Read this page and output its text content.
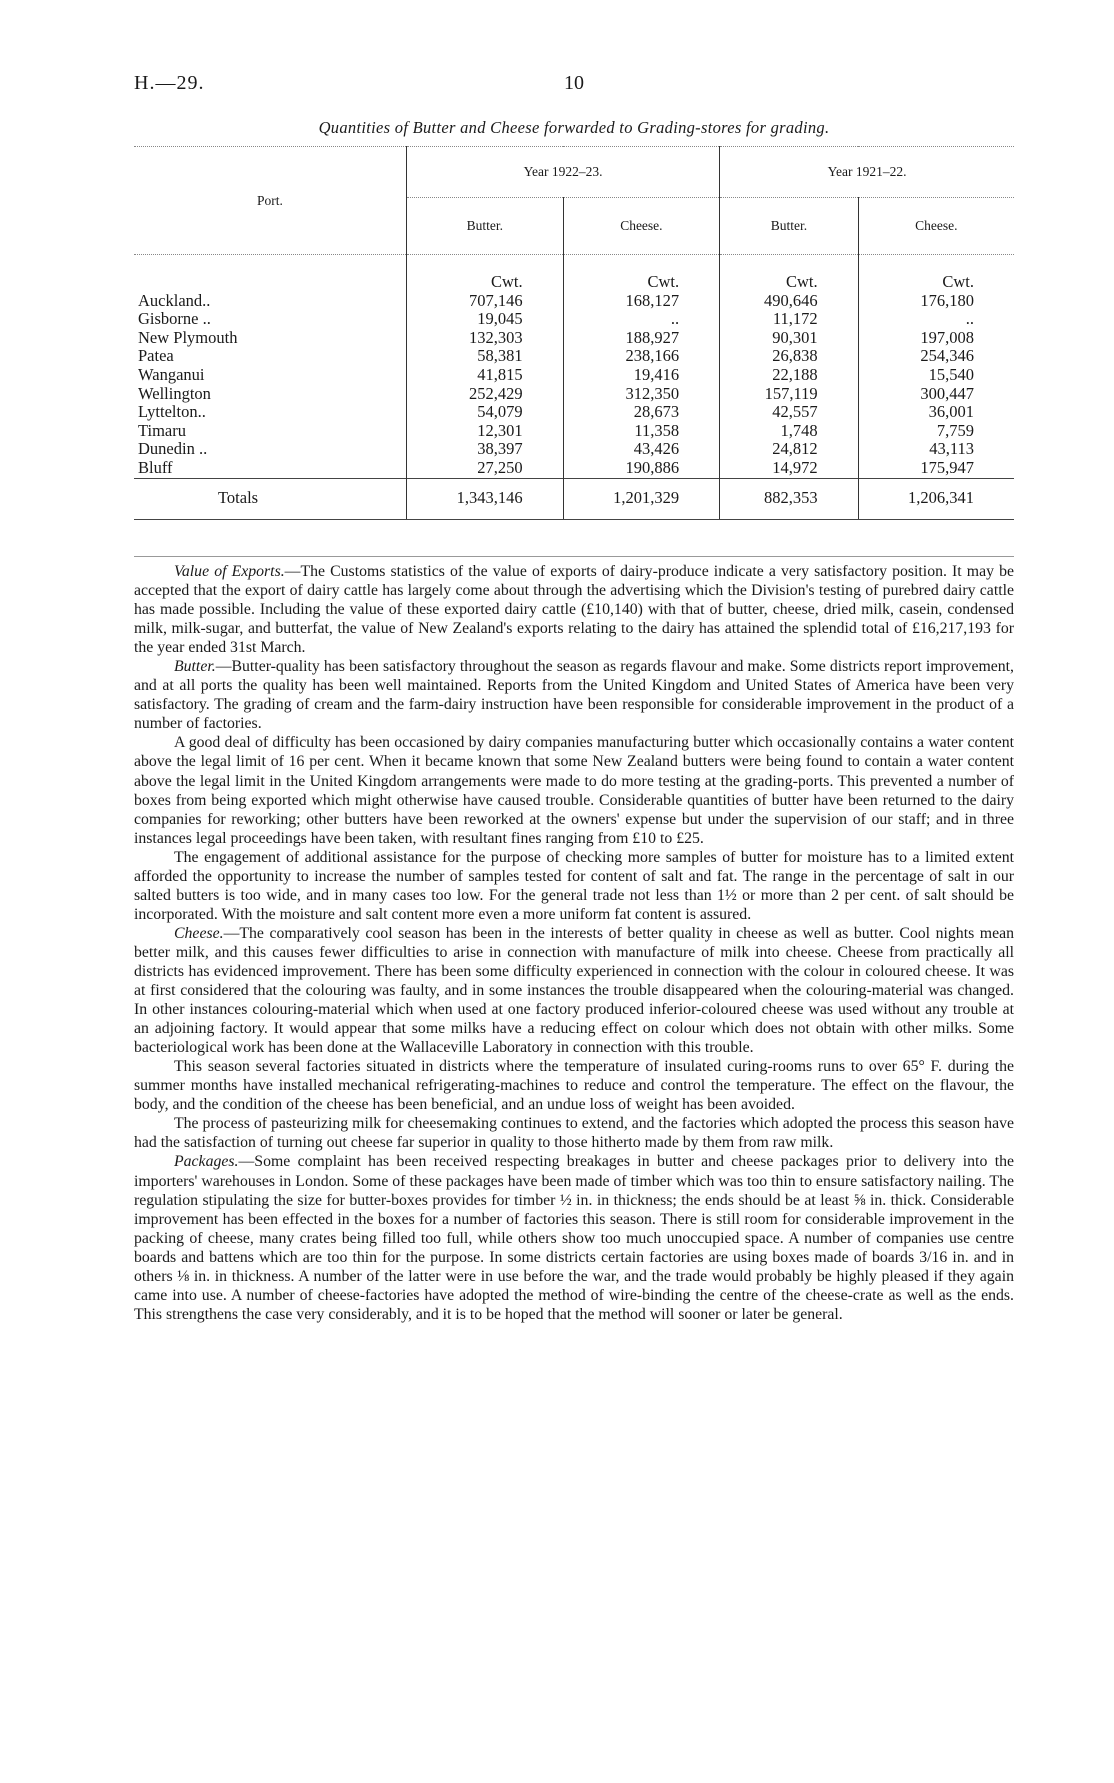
H.—29.	10
Quantities of Butter and Cheese forwarded to Grading-stores for grading.
Port.	Year 1922–23.		Year 1921–22.	
	Butter.	Cheese.	Butter.	Cheese.
	Cwt.	Cwt.	Cwt.	Cwt.
Auckland..	707,146	168,127	490,646	176,180
Gisborne ..	19,045	..	11,172	..
New Plymouth	132,303	188,927	90,301	197,008
Patea	58,381	238,166	26,838	254,346
Wanganui	41,815	19,416	22,188	15,540
Wellington	252,429	312,350	157,119	300,447
Lyttelton..	54,079	28,673	42,557	36,001
Timaru	12,301	11,358	1,748	7,759
Dunedin ..	38,397	43,426	24,812	43,113
Bluff	27,250	190,886	14,972	175,947
Totals	1,343,146	1,201,329	882,353	1,206,341

Value of Exports.—The Customs statistics of the value of exports of dairy-produce indicate a very satisfactory position. It may be accepted that the export of dairy cattle has largely come about through the advertising which the Division's testing of purebred dairy cattle has made possible. Including the value of these exported dairy cattle (£10,140) with that of butter, cheese, dried milk, casein, condensed milk, milk-sugar, and butterfat, the value of New Zealand's exports relating to the dairy has attained the splendid total of £16,217,193 for the year ended 31st March.

Butter.—Butter-quality has been satisfactory throughout the season as regards flavour and make. Some districts report improvement, and at all ports the quality has been well maintained. Reports from the United Kingdom and United States of America have been very satisfactory. The grading of cream and the farm-dairy instruction have been responsible for considerable improvement in the product of a number of factories.

A good deal of difficulty has been occasioned by dairy companies manufacturing butter which occasionally contains a water content above the legal limit of 16 per cent. When it became known that some New Zealand butters were being found to contain a water content above the legal limit in the United Kingdom arrangements were made to do more testing at the grading-ports. This prevented a number of boxes from being exported which might otherwise have caused trouble. Considerable quantities of butter have been returned to the dairy companies for reworking; other butters have been reworked at the owners' expense but under the supervision of our staff; and in three instances legal proceedings have been taken, with resultant fines ranging from £10 to £25.

The engagement of additional assistance for the purpose of checking more samples of butter for moisture has to a limited extent afforded the opportunity to increase the number of samples tested for content of salt and fat. The range in the percentage of salt in our salted butters is too wide, and in many cases too low. For the general trade not less than 1½ or more than 2 per cent. of salt should be incorporated. With the moisture and salt content more even a more uniform fat content is assured.

Cheese.—The comparatively cool season has been in the interests of better quality in cheese as well as butter. Cool nights mean better milk, and this causes fewer difficulties to arise in connection with manufacture of milk into cheese. Cheese from practically all districts has evidenced improvement. There has been some difficulty experienced in connection with the colour in coloured cheese. It was at first considered that the colouring was faulty, and in some instances the trouble disappeared when the colouring-material was changed. In other instances colouring-material which when used at one factory produced inferior-coloured cheese was used without any trouble at an adjoining factory. It would appear that some milks have a reducing effect on colour which does not obtain with other milks. Some bacteriological work has been done at the Wallaceville Laboratory in connection with this trouble.

This season several factories situated in districts where the temperature of insulated curing-rooms runs to over 65° F. during the summer months have installed mechanical refrigerating-machines to reduce and control the temperature. The effect on the flavour, the body, and the condition of the cheese has been beneficial, and an undue loss of weight has been avoided.

The process of pasteurizing milk for cheesemaking continues to extend, and the factories which adopted the process this season have had the satisfaction of turning out cheese far superior in quality to those hitherto made by them from raw milk.

Packages.—Some complaint has been received respecting breakages in butter and cheese packages prior to delivery into the importers' warehouses in London. Some of these packages have been made of timber which was too thin to ensure satisfactory nailing. The regulation stipulating the size for butter-boxes provides for timber ½ in. in thickness; the ends should be at least ⅝ in. thick. Considerable improvement has been effected in the boxes for a number of factories this season. There is still room for considerable improvement in the packing of cheese, many crates being filled too full, while others show too much unoccupied space. A number of companies use centre boards and battens which are too thin for the purpose. In some districts certain factories are using boxes made of boards 3/16 in. and in others ⅛ in. in thickness. A number of the latter were in use before the war, and the trade would probably be highly pleased if they again came into use. A number of cheese-factories have adopted the method of wire-binding the centre of the cheese-crate as well as the ends. This strengthens the case very considerably, and it is to be hoped that the method will sooner or later be general.
